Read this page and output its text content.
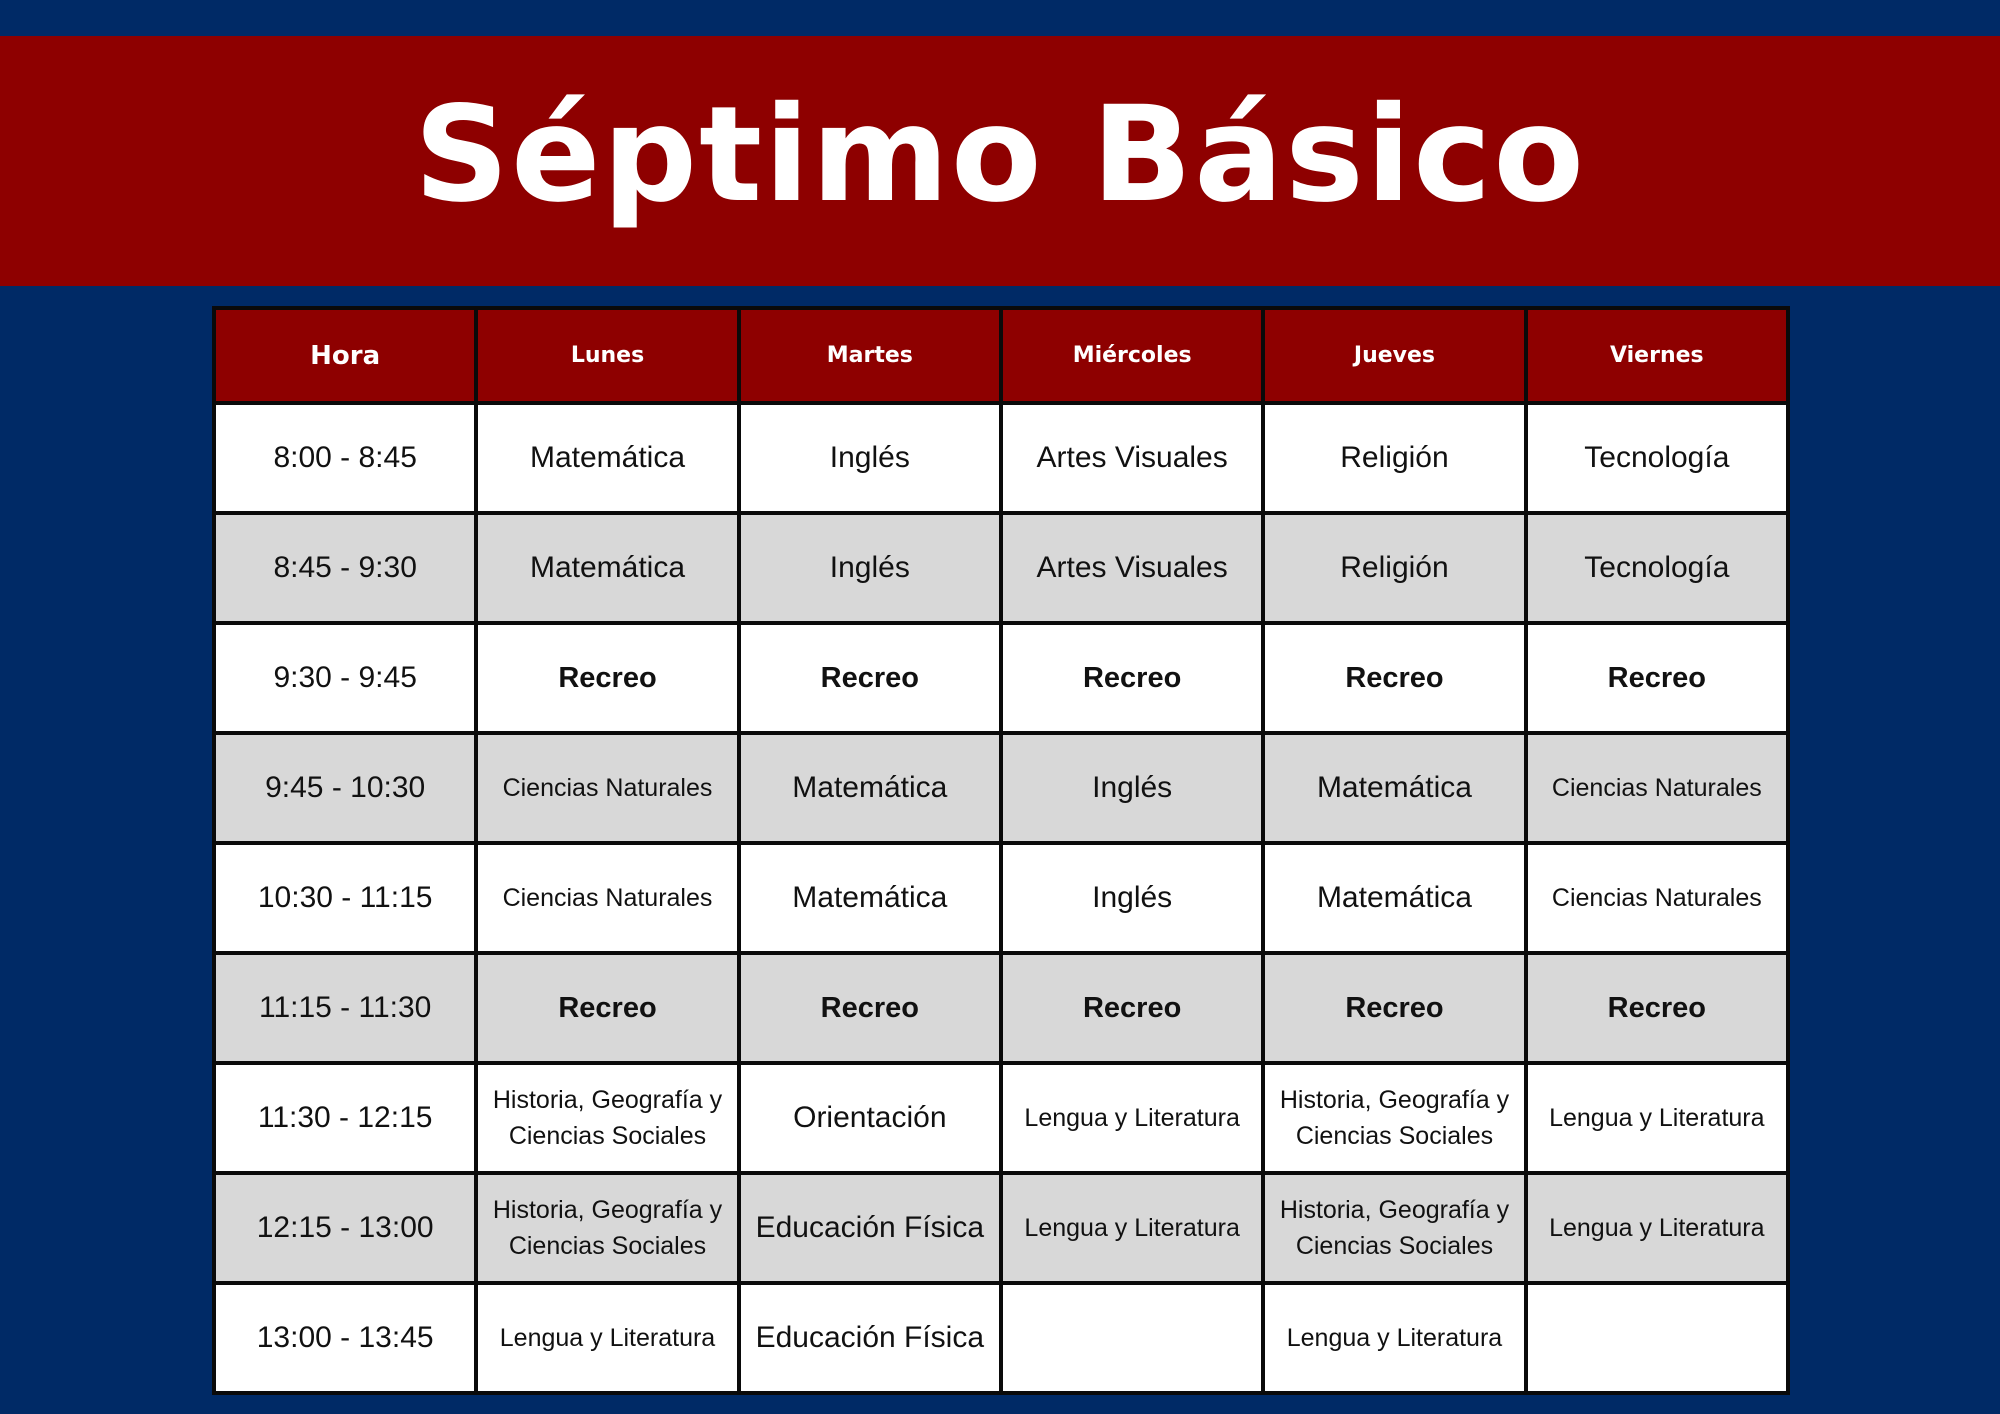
Séptimo Básico
Hora	Lunes	Martes	Miércoles	Jueves	Viernes
8:00 - 8:45	Matemática	Inglés	Artes Visuales	Religión	Tecnología
8:45 - 9:30	Matemática	Inglés	Artes Visuales	Religión	Tecnología
9:30 - 9:45	Recreo	Recreo	Recreo	Recreo	Recreo
9:45 - 10:30	Ciencias Naturales	Matemática	Inglés	Matemática	Ciencias Naturales
10:30 - 11:15	Ciencias Naturales	Matemática	Inglés	Matemática	Ciencias Naturales
11:15 - 11:30	Recreo	Recreo	Recreo	Recreo	Recreo
11:30 - 12:15	Historia, Geografía y Ciencias Sociales	Orientación	Lengua y Literatura	Historia, Geografía y Ciencias Sociales	Lengua y Literatura
12:15 - 13:00	Historia, Geografía y Ciencias Sociales	Educación Física	Lengua y Literatura	Historia, Geografía y Ciencias Sociales	Lengua y Literatura
13:00 - 13:45	Lengua y Literatura	Educación Física		Lengua y Literatura	
